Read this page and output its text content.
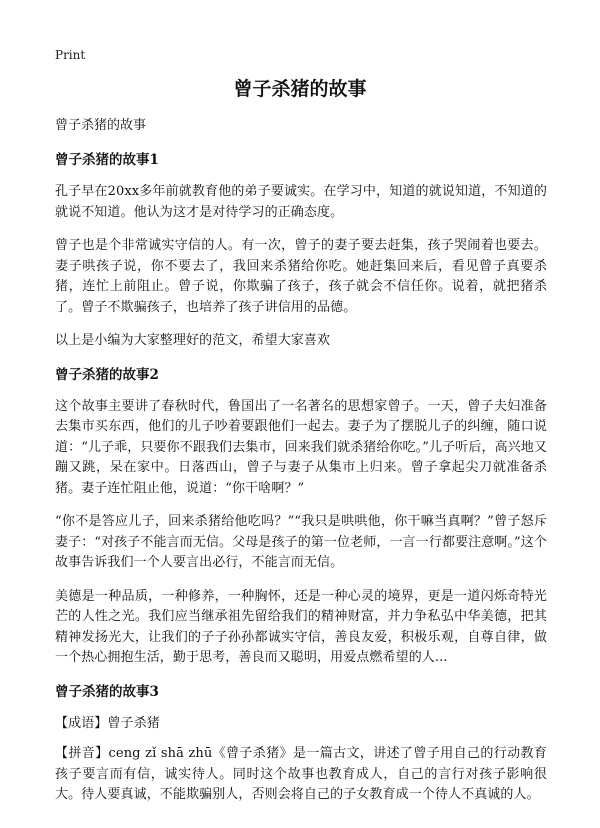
Print
曾子杀猪的故事

曾子杀猪的故事

曾子杀猪的故事1

孔子早在20xx多年前就教育他的弟子要诚实。在学习中，知道的就说知道，不知道的就说不知道。他认为这才是对待学习的正确态度。

曾子也是个非常诚实守信的人。有一次，曾子的妻子要去赶集，孩子哭闹着也要去。妻子哄孩子说，你不要去了，我回来杀猪给你吃。她赶集回来后，看见曾子真要杀猪，连忙上前阻止。曾子说，你欺骗了孩子，孩子就会不信任你。说着，就把猪杀了。曾子不欺骗孩子，也培养了孩子讲信用的品德。

以上是小编为大家整理好的范文，希望大家喜欢

曾子杀猪的故事2

这个故事主要讲了春秋时代，鲁国出了一名著名的思想家曾子。一天，曾子夫妇准备去集市买东西，他们的儿子吵着要跟他们一起去。妻子为了摆脱儿子的纠缠，随口说道：“儿子乖，只要你不跟我们去集市，回来我们就杀猪给你吃。”儿子听后，高兴地又蹦又跳，呆在家中。日落西山，曾子与妻子从集市上归来。曾子拿起尖刀就准备杀猪。妻子连忙阻止他，说道：“你干啥啊？”

“你不是答应儿子，回来杀猪给他吃吗？”“我只是哄哄他，你干嘛当真啊？”曾子怒斥妻子：“对孩子不能言而无信。父母是孩子的第一位老师，一言一行都要注意啊。”这个故事告诉我们一个人要言出必行，不能言而无信。

美德是一种品质，一种修养，一种胸怀，还是一种心灵的境界，更是一道闪烁奇特光芒的人性之光。我们应当继承祖先留给我们的精神财富，并力争私弘中华美德，把其精神发扬光大，让我们的子子孙孙都诚实守信，善良友爱，积极乐观，自尊自律，做一个热心拥抱生活，勤于思考，善良而又聪明，用爱点燃希望的人...

曾子杀猪的故事3

【成语】曾子杀猪

【拼音】ceng zǐ shā zhū《曾子杀猪》是一篇古文，讲述了曾子用自己的行动教育孩子要言而有信，诚实待人。同时这个故事也教育成人，自己的言行对孩子影响很大。待人要真诚，不能欺骗别人，否则会将自己的子女教育成一个待人不真诚的人。
